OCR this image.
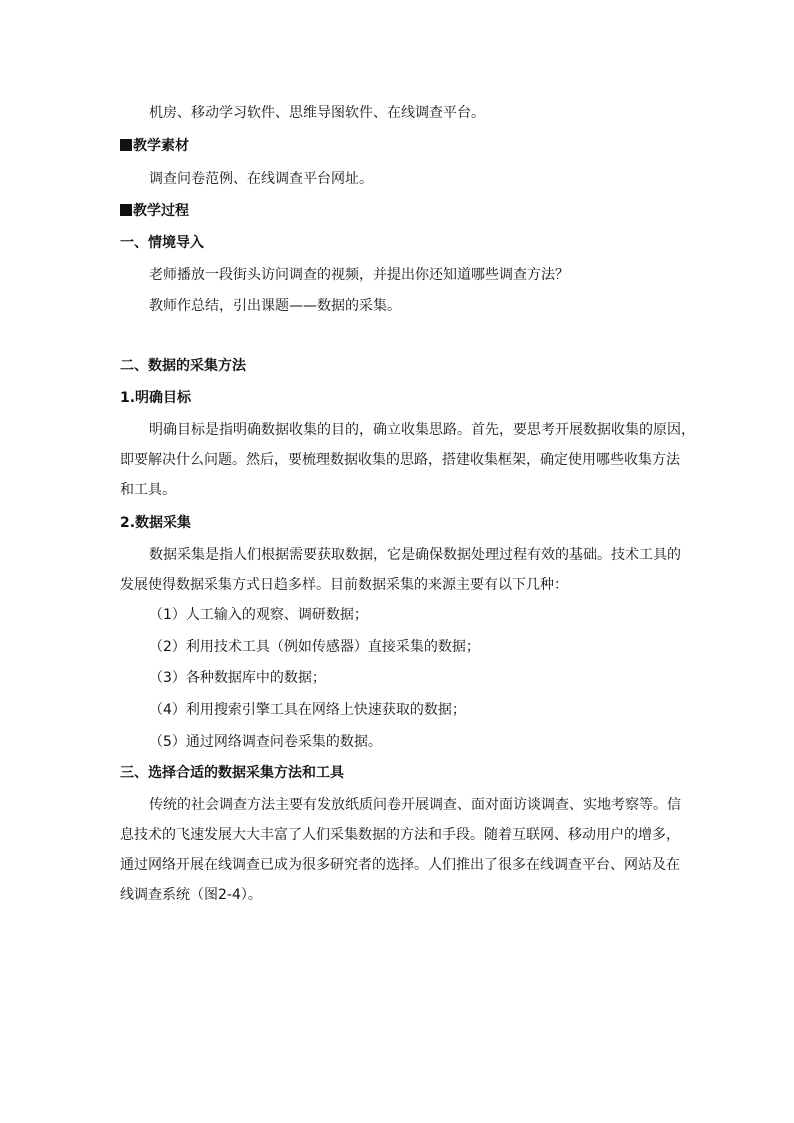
机房、移动学习软件、思维导图软件、在线调查平台。
教学素材
调查问卷范例、在线调查平台网址。
教学过程
一、情境导入
老师播放一段街头访问调查的视频，并提出你还知道哪些调查方法？
教师作总结，引出课题——数据的采集。
二、数据的采集方法
1.明确目标
明确目标是指明确数据收集的目的，确立收集思路。首先，要思考开展数据收集的原因，
即要解决什么问题。然后，要梳理数据收集的思路，搭建收集框架，确定使用哪些收集方法
和工具。
2.数据采集
数据采集是指人们根据需要获取数据，它是确保数据处理过程有效的基础。技术工具的
发展使得数据采集方式日趋多样。目前数据采集的来源主要有以下几种：
（1）人工输入的观察、调研数据；
（2）利用技术工具（例如传感器）直接采集的数据；
（3）各种数据库中的数据；
（4）利用搜索引擎工具在网络上快速获取的数据；
（5）通过网络调查问卷采集的数据。
三、选择合适的数据采集方法和工具
传统的社会调查方法主要有发放纸质问卷开展调查、面对面访谈调查、实地考察等。信
息技术的飞速发展大大丰富了人们采集数据的方法和手段。随着互联网、移动用户的增多，
通过网络开展在线调查已成为很多研究者的选择。人们推出了很多在线调查平台、网站及在
线调查系统（图2-4）。
